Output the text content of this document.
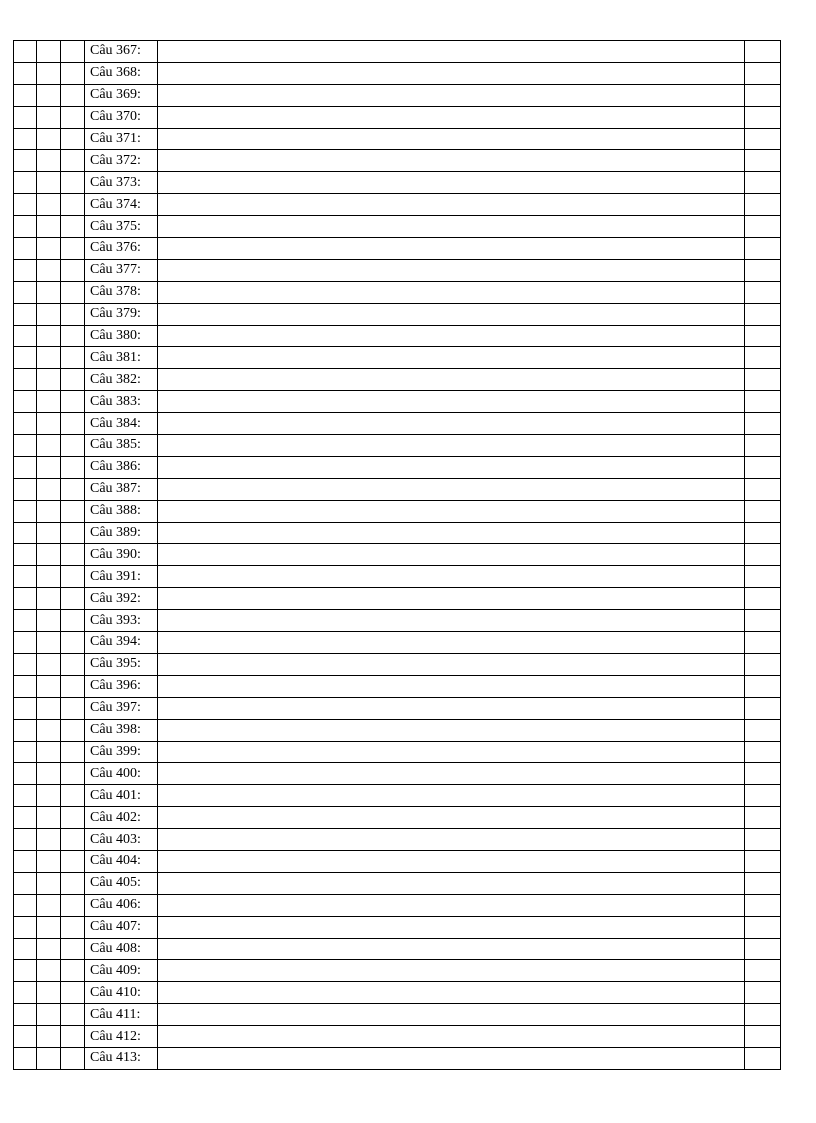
			Câu 367:		
			Câu 368:		
			Câu 369:		
			Câu 370:		
			Câu 371:		
			Câu 372:		
			Câu 373:		
			Câu 374:		
			Câu 375:		
			Câu 376:		
			Câu 377:		
			Câu 378:		
			Câu 379:		
			Câu 380:		
			Câu 381:		
			Câu 382:		
			Câu 383:		
			Câu 384:		
			Câu 385:		
			Câu 386:		
			Câu 387:		
			Câu 388:		
			Câu 389:		
			Câu 390:		
			Câu 391:		
			Câu 392:		
			Câu 393:		
			Câu 394:		
			Câu 395:		
			Câu 396:		
			Câu 397:		
			Câu 398:		
			Câu 399:		
			Câu 400:		
			Câu 401:		
			Câu 402:		
			Câu 403:		
			Câu 404:		
			Câu 405:		
			Câu 406:		
			Câu 407:		
			Câu 408:		
			Câu 409:		
			Câu 410:		
			Câu 411:		
			Câu 412:		
			Câu 413:		
